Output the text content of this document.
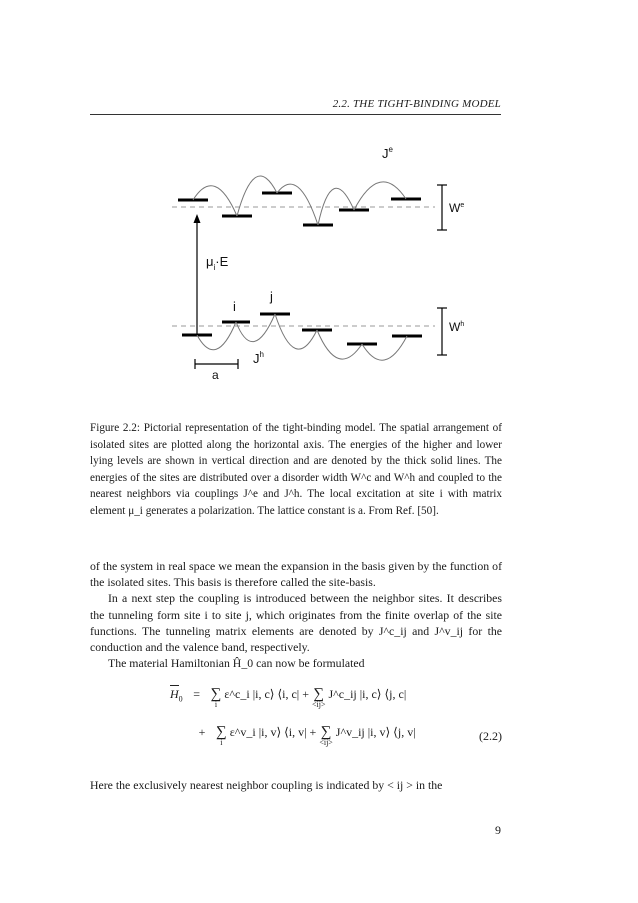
2.2. THE TIGHT-BINDING MODEL
$J^e$
$W^e$
$\mu_i\cdot E$
i
j
$W^h$
$J^h$
a
Figure 2.2: Pictorial representation of the tight-binding model. The spatial arrangement of isolated sites are plotted along the horizontal axis. The energies of the higher and lower lying levels are shown in vertical direction and are denoted by the thick solid lines. The energies of the sites are distributed over a disorder width W^c and W^h and coupled to the nearest neighbors via couplings J^e and J^h. The local excitation at site i with matrix element μ_i generates a polarization. The lattice constant is a. From Ref. [50].

of the system in real space we mean the expansion in the basis given by the function of the isolated sites. This basis is therefore called the site-basis.

In a next step the coupling is introduced between the neighbor sites. It describes the tunneling form site i to site j, which originates from the finite overlap of the site functions. The tunneling matrix elements are denoted by J^c_ij and J^v_ij for the conduction and the valence band, respectively.

The material Hamiltonian Ĥ_0 can now be formulated

$H_0$ = ∑
i
ε^c_i |i, c⟩ ⟨i, c| + ∑
<ij>
J^c_ij |i, c⟩ ⟨j, c|
+ ∑
i
ε^v_i |i, v⟩ ⟨i, v| + ∑
<ij>
J^v_ij |i, v⟩ ⟨j, v|	(2.2)
Here the exclusively nearest neighbor coupling is indicated by < ij > in the
9
